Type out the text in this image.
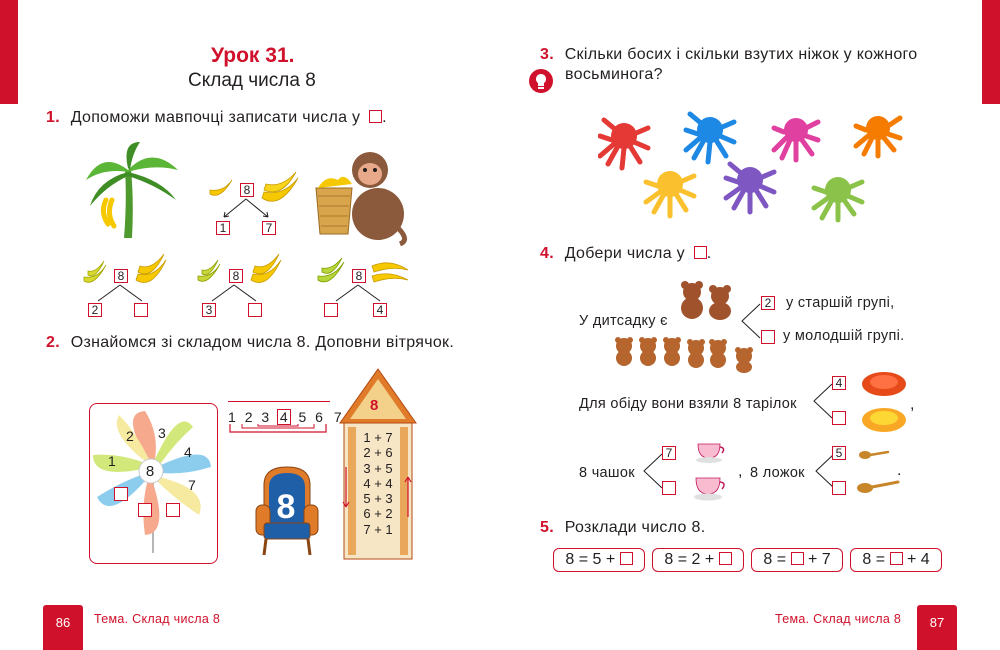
Урок 31.
Склад числа 8
1. Допоможи мавпочці записати числа у .
8
1	7
8
2
8
3
8
4
2. Ознайомся зі складом числа 8. Доповни вітрячок.
8
2 3
4
1
7
1 2 3 4 5 6 7
8
8
1 + 7
2 + 6
3 + 5
4 + 4
5 + 3
6 + 2
7 + 1
86	Тема. Склад числа 8
3. Скільки босих і скільки взутих ніжок у кожного
восьминога?
4. Добери числа у .
У дитсадку є
2 у старшій групі,
у молодшій групі.
Для обіду вони взяли 8 тарілок
4
,
8 чашок
7
, 8 ложок
5
.
5. Розклади число 8.
8 = 5 +	8 = 2 +	8 = + 7	8 = + 4
Тема. Склад числа 8	87
